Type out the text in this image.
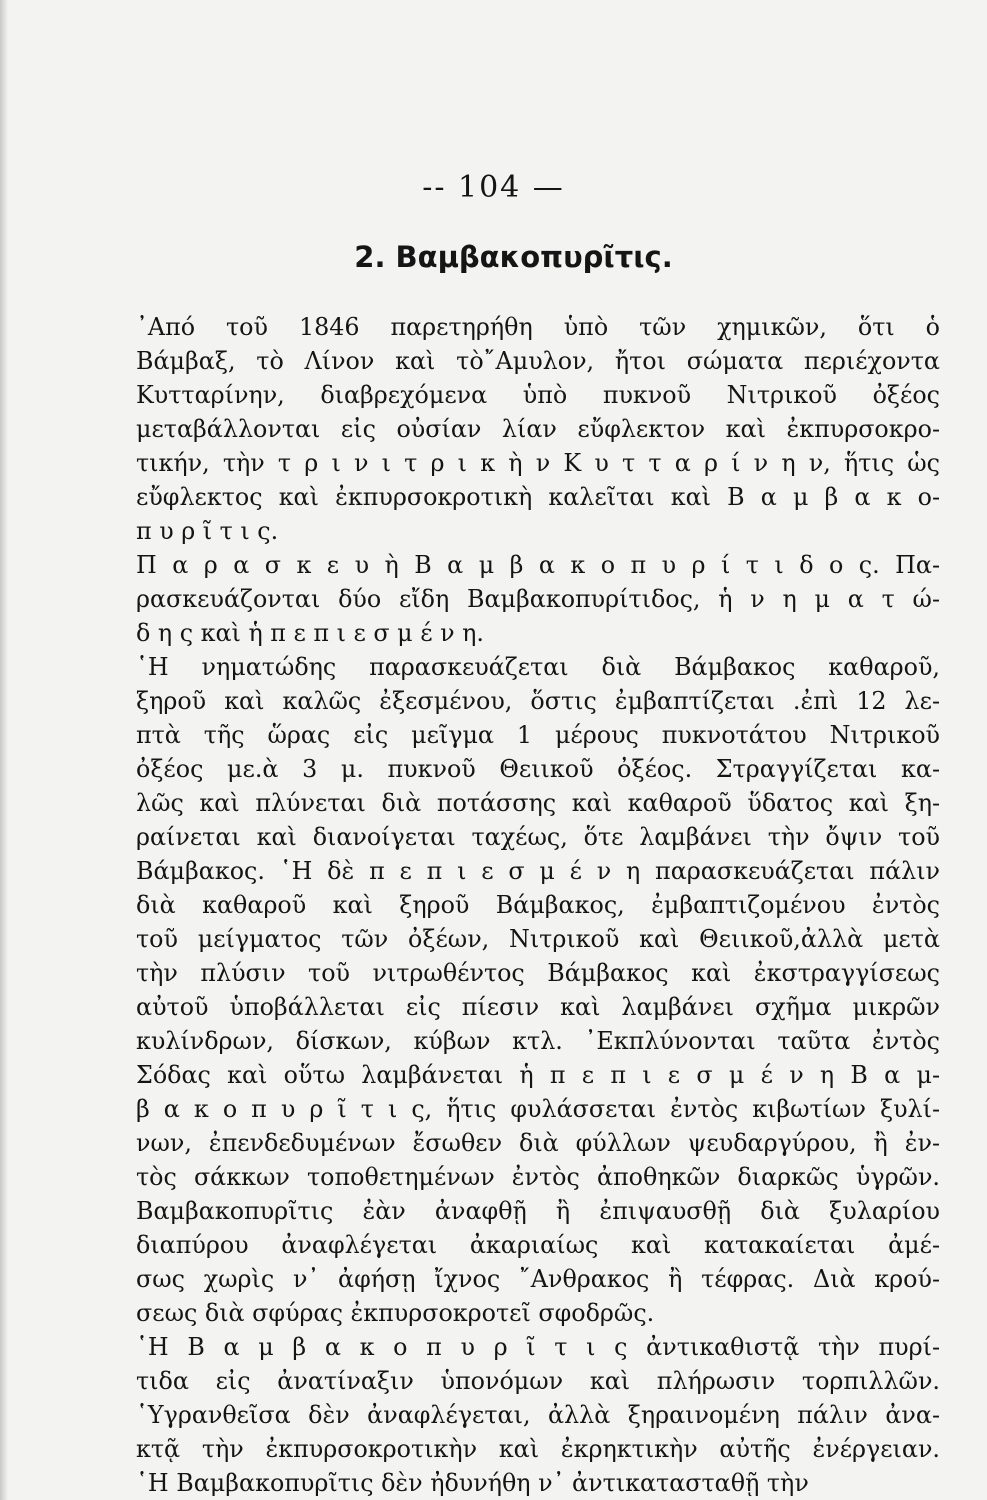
-- 104 —
2. Βαμβακοπυρῖτις.
᾿Από τοῦ 1846 παρετηρήθη ὑπὸ τῶν χημικῶν, ὅτι ὁ
Βάμβαξ, τὸ Λίνον καὶ τὸ῎Αμυλον, ἤτοι σώματα περιέχοντα
Κυτταρίνην, διαβρεχόμενα ὑπὸ πυκνοῦ Νιτρικοῦ ὀξέος
μεταβάλλονται εἰς οὐσίαν λίαν εὔφλεκτον καὶ ἐκπυρσοκρο-
τικήν, τὴν τ ρ ι ν ι τ ρ ι κ ὴ ν Κ υ τ τ α ρ ί ν η ν, ἥτις ὡς
εὔφλεκτος καὶ ἐκπυρσοκροτικὴ καλεῖται καὶ Β α μ β α κ ο-
π υ ρ ῖ τ ι ς.
Π α ρ α σ κ ε υ ὴ Β α μ β α κ ο π υ ρ ί τ ι δ ο ς. Πα-
ρασκευάζονται δύο εἴδη Βαμβακοπυρίτιδος, ἡ ν η μ α τ ώ-
δ η ς καὶ ἡ π ε π ι ε σ μ έ ν η.
῾Η νηματώδης παρασκευάζεται διὰ Βάμβακος καθαροῦ,
ξηροῦ καὶ καλῶς ἐξεσμένου, ὅστις ἐμβαπτίζεται .ἐπὶ 12 λε-
πτὰ τῆς ὥρας εἰς μεῖγμα 1 μέρους πυκνοτάτου Νιτρικοῦ
ὀξέος με.ὰ 3 μ. πυκνοῦ Θειικοῦ ὀξέος. Στραγγίζεται κα-
λῶς καὶ πλύνεται διὰ ποτάσσης καὶ καθαροῦ ὕδατος καὶ ξη-
ραίνεται καὶ διανοίγεται ταχέως, ὅτε λαμβάνει τὴν ὄψιν τοῦ
Βάμβακος. ῾Η δὲ π ε π ι ε σ μ έ ν η παρασκευάζεται πάλιν
διὰ καθαροῦ καὶ ξηροῦ Βάμβακος, ἐμβαπτιζομένου ἐντὸς
τοῦ μείγματος τῶν ὀξέων, Νιτρικοῦ καὶ Θειικοῦ,ἀλλὰ μετὰ
τὴν πλύσιν τοῦ νιτρωθέντος Βάμβακος καὶ ἐκστραγγίσεως
αὐτοῦ ὑποβάλλεται εἰς πίεσιν καὶ λαμβάνει σχῆμα μικρῶν
κυλίνδρων, δίσκων, κύβων κτλ. ᾿Εκπλύνονται ταῦτα ἐντὸς
Σόδας καὶ οὕτω λαμβάνεται ἡ π ε π ι ε σ μ έ ν η Β α μ-
β α κ ο π υ ρ ῖ τ ι ς, ἥτις φυλάσσεται ἐντὸς κιβωτίων ξυλί-
νων, ἐπενδεδυμένων ἔσωθεν διὰ φύλλων ψευδαργύρου, ἢ ἐν-
τὸς σάκκων τοποθετημένων ἐντὸς ἀποθηκῶν διαρκῶς ὑγρῶν.
Βαμβακοπυρῖτις ἐὰν ἀναφθῇ ἢ ἐπιψαυσθῇ διὰ ξυλαρίου
διαπύρου ἀναφλέγεται ἀκαριαίως καὶ κατακαίεται ἀμέ-
σως χωρὶς ν᾿ ἀφήσῃ ἴχνος ῎Ανθρακος ἢ τέφρας. Διὰ κρού-
σεως διὰ σφύρας ἐκπυρσοκροτεῖ σφοδρῶς.
῾Η Β α μ β α κ ο π υ ρ ῖ τ ι ς ἀντικαθιστᾷ τὴν πυρί-
τιδα εἰς ἀνατίναξιν ὑπονόμων καὶ πλήρωσιν τορπιλλῶν.
῾Υγρανθεῖσα δὲν ἀναφλέγεται, ἀλλὰ ξηραινομένη πάλιν ἀνα-
κτᾷ τὴν ἐκπυρσοκροτικὴν καὶ ἐκρηκτικὴν αὐτῆς ἐνέργειαν.
῾Η Βαμβακοπυρῖτις δὲν ἠδυνήθη ν᾿ ἀντικατασταθῇ τὴν
